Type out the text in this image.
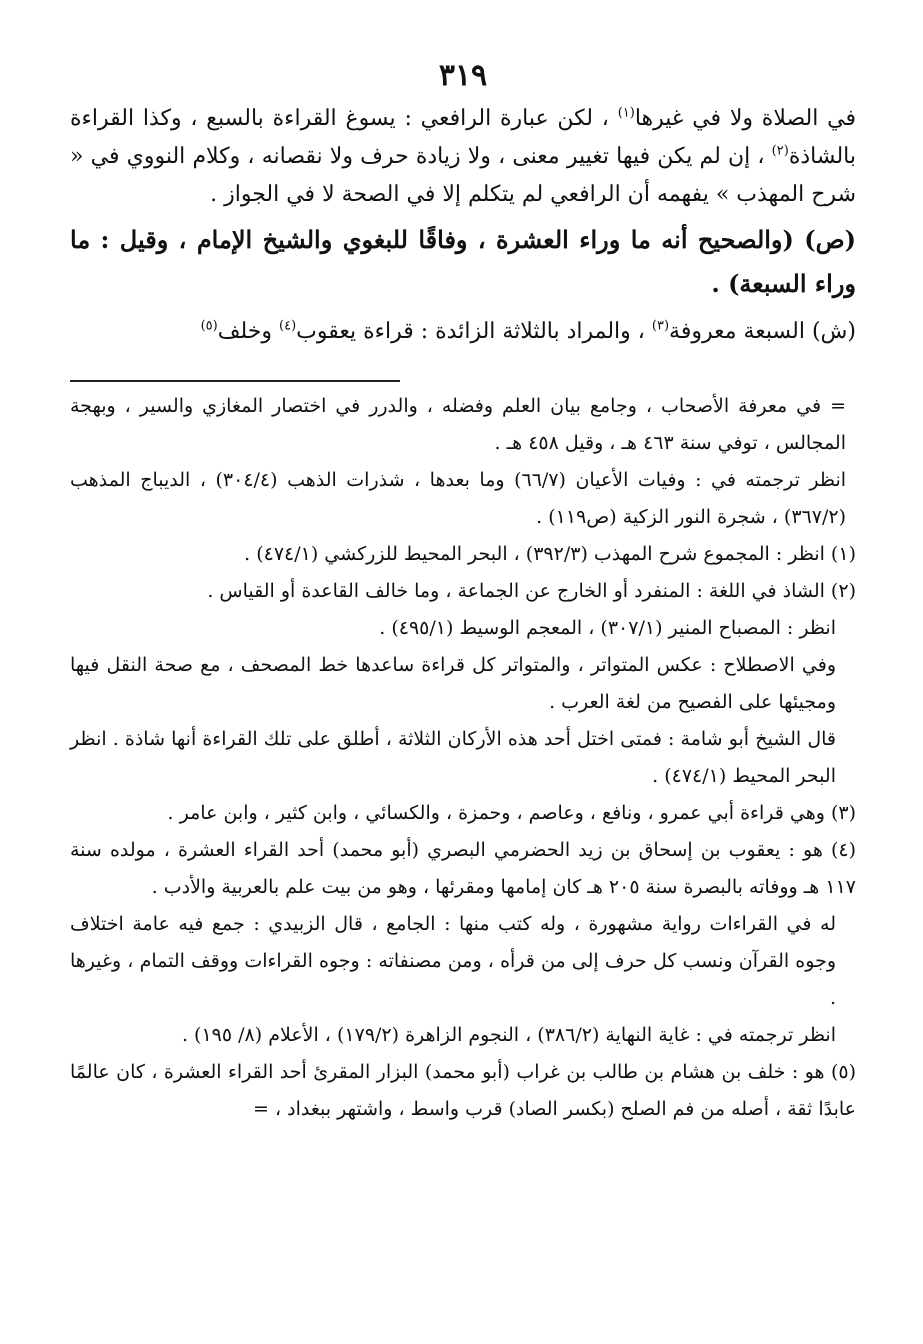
٣١٩

في الصلاة ولا في غيرها$^{(١)}$ ، لكن عبارة الرافعي : يسوغ القراءة بالسبع ، وكذا القراءة بالشاذة$^{(٢)}$ ، إن لم يكن فيها تغيير معنى ، ولا زيادة حرف ولا نقصانه ، وكلام النووي في « شرح المهذب » يفهمه أن الرافعي لم يتكلم إلا في الصحة لا في الجواز .

(ص) (والصحيح أنه ما وراء العشرة ، وفاقًا للبغوي والشيخ الإمام ، وقيل : ما وراء السبعة) .

(ش) السبعة معروفة$^{(٣)}$ ، والمراد بالثلاثة الزائدة : قراءة يعقوب$^{(٤)}$ وخلف$^{(٥)}$

= في معرفة الأصحاب ، وجامع بيان العلم وفضله ، والدرر في اختصار المغازي والسير ، وبهجة المجالس ، توفي سنة ٤٦٣ هـ ، وقيل ٤٥٨ هـ .

انظر ترجمته في : وفيات الأعيان (٦٦/٧) وما بعدها ، شذرات الذهب (٣٠٤/٤) ، الديباج المذهب (٣٦٧/٢) ، شجرة النور الزكية (ص١١٩) .

(١) انظر : المجموع شرح المهذب (٣٩٢/٣) ، البحر المحيط للزركشي (٤٧٤/١) .

(٢) الشاذ في اللغة : المنفرد أو الخارج عن الجماعة ، وما خالف القاعدة أو القياس .

انظر : المصباح المنير (٣٠٧/١) ، المعجم الوسيط (٤٩٥/١) .

وفي الاصطلاح : عكس المتواتر ، والمتواتر كل قراءة ساعدها خط المصحف ، مع صحة النقل فيها ومجيئها على الفصيح من لغة العرب .

قال الشيخ أبو شامة : فمتى اختل أحد هذه الأركان الثلاثة ، أطلق على تلك القراءة أنها شاذة . انظر البحر المحيط (٤٧٤/١) .

(٣) وهي قراءة أبي عمرو ، ونافع ، وعاصم ، وحمزة ، والكسائي ، وابن كثير ، وابن عامر .

(٤) هو : يعقوب بن إسحاق بن زيد الحضرمي البصري (أبو محمد) أحد القراء العشرة ، مولده سنة ١١٧ هـ ووفاته بالبصرة سنة ٢٠٥ هـ كان إمامها ومقرئها ، وهو من بيت علم بالعربية والأدب .

له في القراءات رواية مشهورة ، وله كتب منها : الجامع ، قال الزبيدي : جمع فيه عامة اختلاف وجوه القرآن ونسب كل حرف إلى من قرأه ، ومن مصنفاته : وجوه القراءات ووقف التمام ، وغيرها .

انظر ترجمته في : غاية النهاية (٣٨٦/٢) ، النجوم الزاهرة (١٧٩/٢) ، الأعلام (٨/ ١٩٥) .

(٥) هو : خلف بن هشام بن طالب بن غراب (أبو محمد) البزار المقرئ أحد القراء العشرة ، كان عالمًا عابدًا ثقة ، أصله من فم الصلح (بكسر الصاد) قرب واسط ، واشتهر ببغداد ، =
